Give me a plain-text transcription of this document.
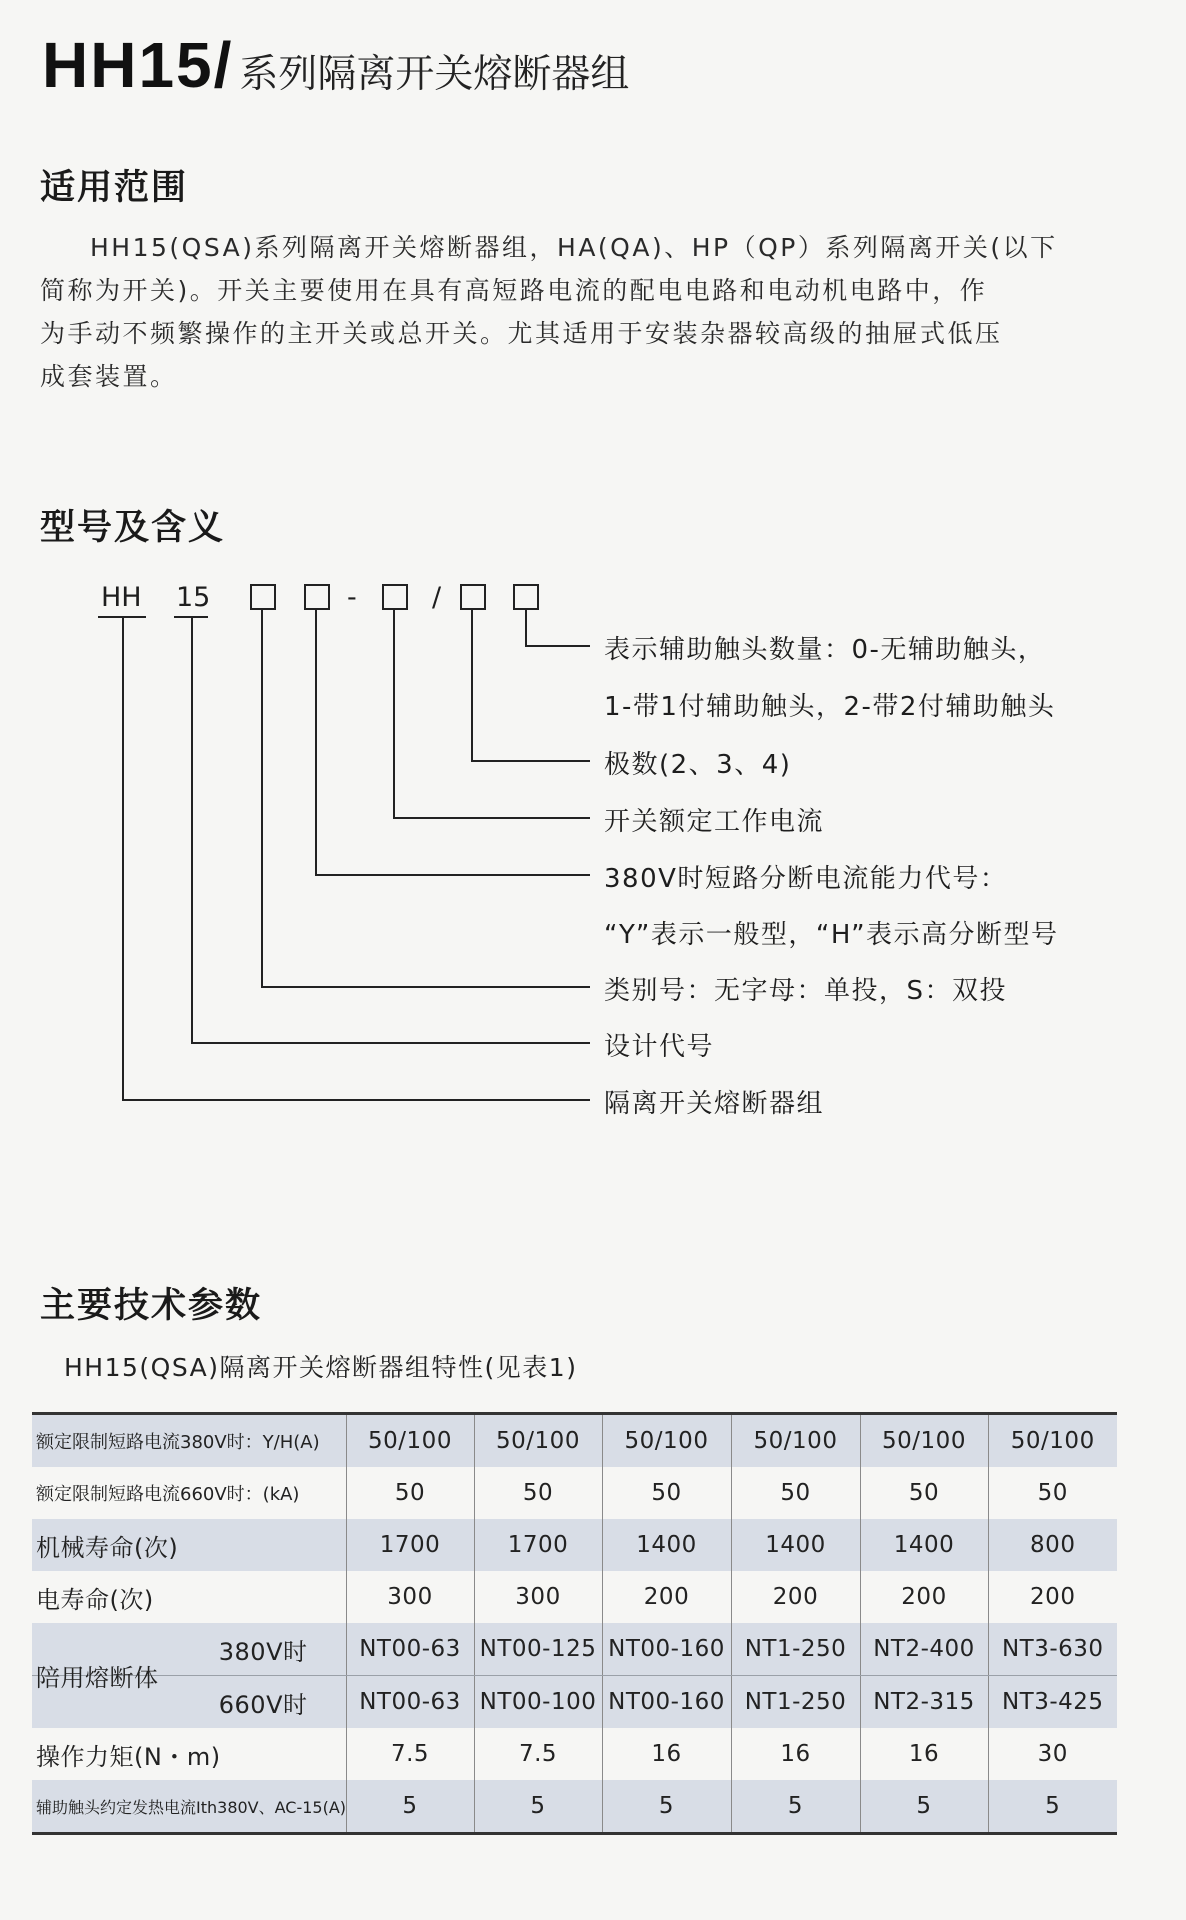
HH15/ 系列隔离开关熔断器组
适用范围
HH15(QSA)系列隔离开关熔断器组，HA(QA)、HP（QP）系列隔离开关(以下
简称为开关)。开关主要使用在具有高短路电流的配电电路和电动机电路中，作
为手动不频繁操作的主开关或总开关。尤其适用于安装杂器较高级的抽屉式低压
成套装置。
型号及含义
HH 15	-	/
表示辅助触头数量：0-无辅助触头，
1-带1付辅助触头，2-带2付辅助触头
极数(2、3、4)
开关额定工作电流
380V时短路分断电流能力代号：
“Y”表示一般型，“H”表示高分断型号
类别号：无字母：单投，S：双投
设计代号
隔离开关熔断器组
主要技术参数
HH15(QSA)隔离开关熔断器组特性(见表1)
额定限制短路电流380V时：Y/H(A)	50/100	50/100	50/100	50/100	50/100	50/100
额定限制短路电流660V时：(kA)	50	50	50	50	50	50
机械寿命(次)	1700	1700	1400	1400	1400	800
电寿命(次)	300	300	200	200	200	200

陪用熔断体
380V时	NT00-63	NT00-125	NT00-160	NT1-250	NT2-400	NT3-630
660V时	NT00-63	NT00-100	NT00-160	NT1-250	NT2-315	NT3-425
操作力矩(N・m)	7.5	7.5	16	16	16	30
辅助触头约定发热电流Ith380V、AC-15(A)	5	5	5	5	5	5
